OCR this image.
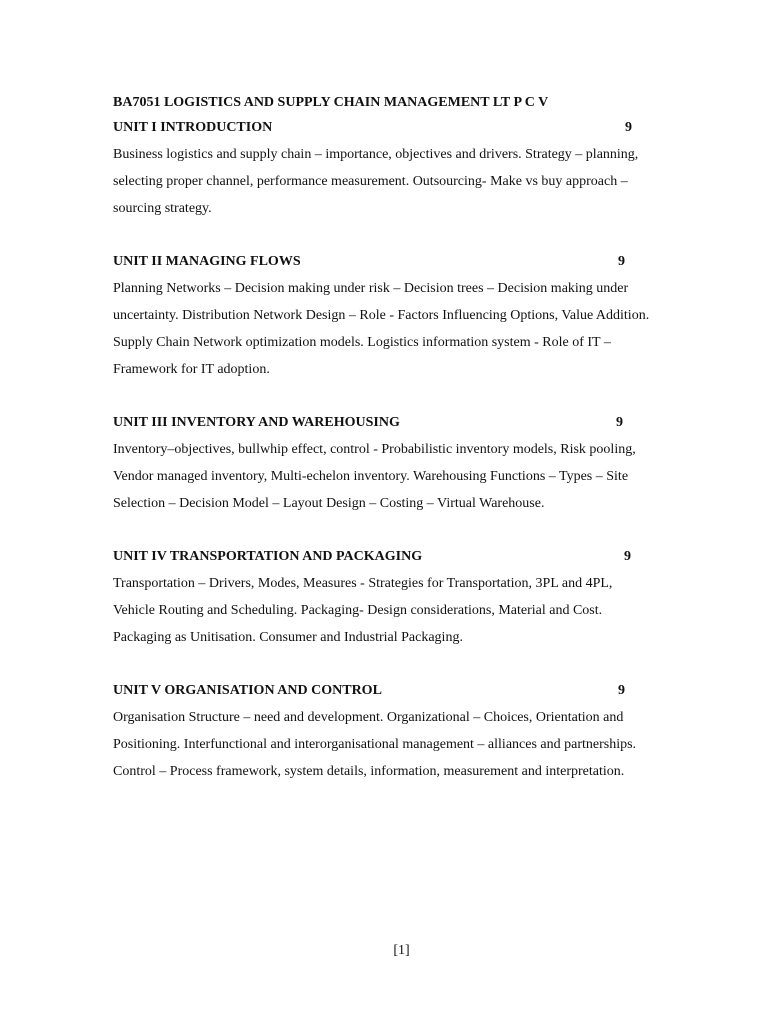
BA7051 LOGISTICS AND SUPPLY CHAIN MANAGEMENT LT P C V
UNIT I INTRODUCTION	9

Business logistics and supply chain – importance, objectives and drivers. Strategy – planning,
selecting proper channel, performance measurement. Outsourcing- Make vs buy approach –
sourcing strategy.

UNIT II MANAGING FLOWS	9

Planning Networks – Decision making under risk – Decision trees – Decision making under
uncertainty. Distribution Network Design – Role - Factors Influencing Options, Value Addition.
Supply Chain Network optimization models. Logistics information system - Role of IT –
Framework for IT adoption.

UNIT III INVENTORY AND WAREHOUSING	9

Inventory–objectives, bullwhip effect, control - Probabilistic inventory models, Risk pooling,
Vendor managed inventory, Multi-echelon inventory. Warehousing Functions – Types – Site
Selection – Decision Model – Layout Design – Costing – Virtual Warehouse.

UNIT IV TRANSPORTATION AND PACKAGING	9

Transportation – Drivers, Modes, Measures - Strategies for Transportation, 3PL and 4PL,
Vehicle Routing and Scheduling. Packaging- Design considerations, Material and Cost.
Packaging as Unitisation. Consumer and Industrial Packaging.

UNIT V ORGANISATION AND CONTROL	9

Organisation Structure – need and development. Organizational – Choices, Orientation and
Positioning. Interfunctional and interorganisational management – alliances and partnerships.
Control – Process framework, system details, information, measurement and interpretation.

[1]
